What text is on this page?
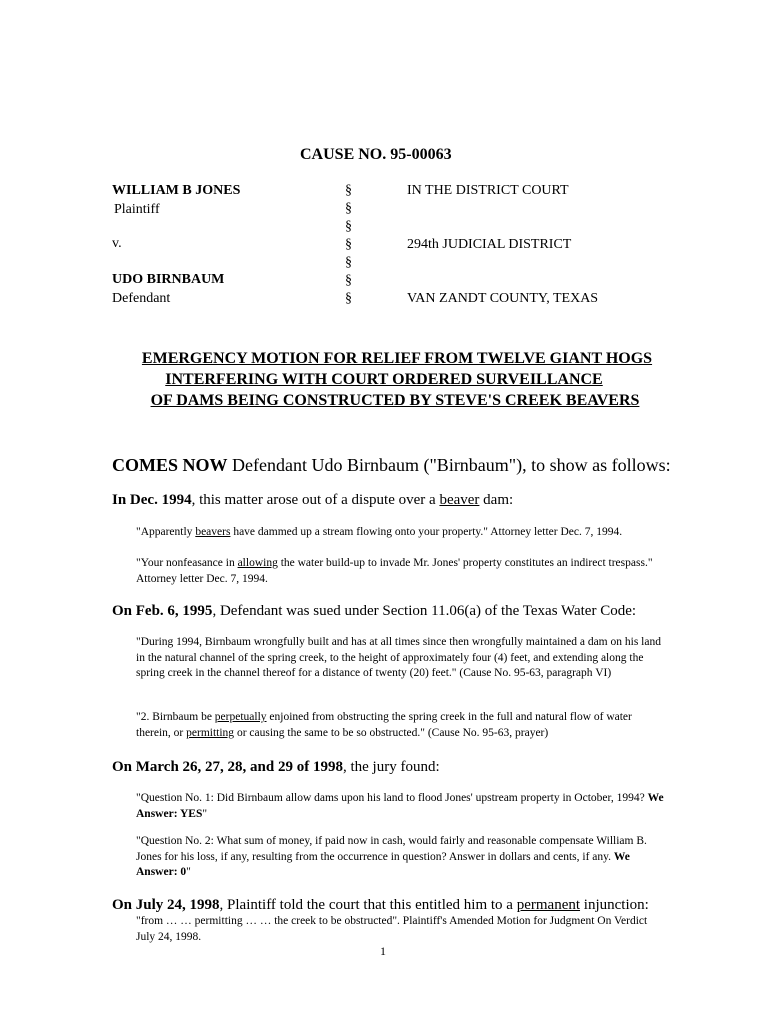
CAUSE NO. 95-00063
WILLIAM B JONES
Plaintiff
v.
UDO BIRNBAUM
Defendant
§
§
§
§
§
§
§
IN THE DISTRICT COURT
294th JUDICIAL DISTRICT
VAN ZANDT COUNTY, TEXAS
EMERGENCY MOTION FOR RELIEF FROM TWELVE GIANT HOGS
INTERFERING WITH COURT ORDERED SURVEILLANCE
OF DAMS BEING CONSTRUCTED BY STEVE'S CREEK BEAVERS
COMES NOW Defendant Udo Birnbaum ("Birnbaum"), to show as follows:
In Dec. 1994, this matter arose out of a dispute over a beaver dam:
"Apparently beavers have dammed up a stream flowing onto your property." Attorney letter Dec. 7, 1994.
"Your nonfeasance in allowing the water build-up to invade Mr. Jones' property constitutes an indirect trespass." Attorney letter Dec. 7, 1994.
On Feb. 6, 1995, Defendant was sued under Section 11.06(a) of the Texas Water Code:
"During 1994, Birnbaum wrongfully built and has at all times since then wrongfully maintained a dam on his land in the natural channel of the spring creek, to the height of approximately four (4) feet, and extending along the spring creek in the channel thereof for a distance of twenty (20) feet." (Cause No. 95-63, paragraph VI)
"2. Birnbaum be perpetually enjoined from obstructing the spring creek in the full and natural flow of water therein, or permitting or causing the same to be so obstructed." (Cause No. 95-63, prayer)
On March 26, 27, 28, and 29 of 1998, the jury found:
"Question No. 1: Did Birnbaum allow dams upon his land to flood Jones' upstream property in October, 1994? We Answer: YES"
"Question No. 2: What sum of money, if paid now in cash, would fairly and reasonable compensate William B. Jones for his loss, if any, resulting from the occurrence in question? Answer in dollars and cents, if any. We Answer: 0"
On July 24, 1998, Plaintiff told the court that this entitled him to a permanent injunction:
"from … … permitting … … the creek to be obstructed". Plaintiff's Amended Motion for Judgment On Verdict July 24, 1998.
1
